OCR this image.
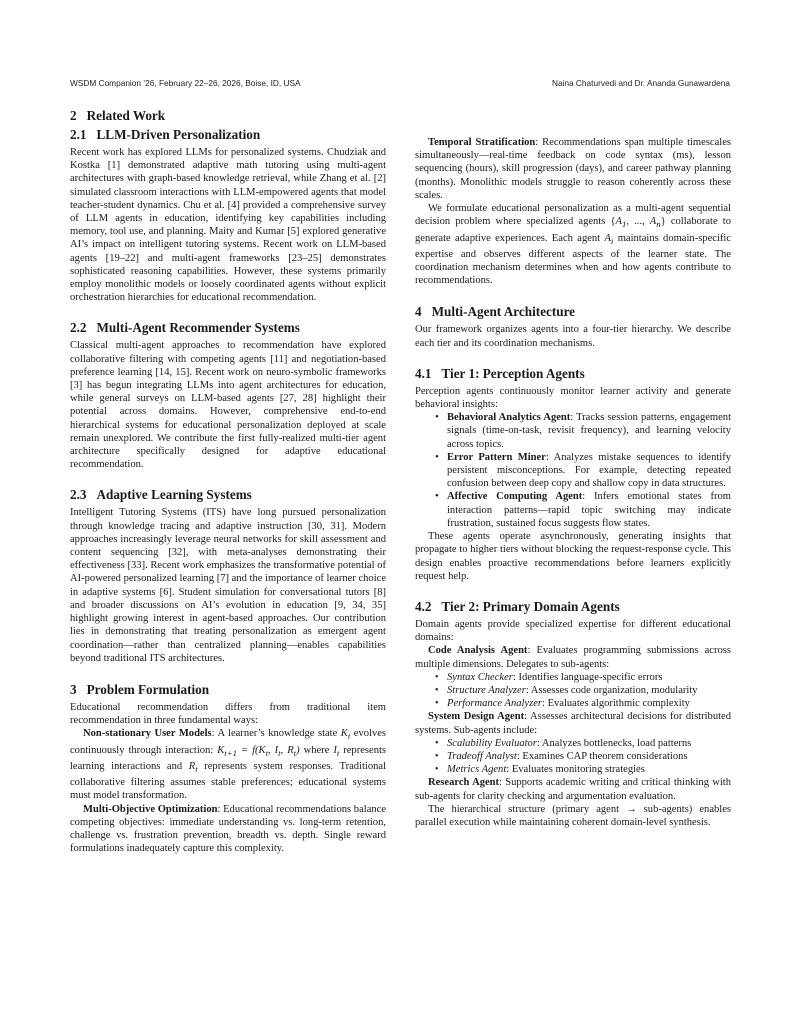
WSDM Companion ’26, February 22–26, 2026, Boise, ID, USA	Naina Chaturvedi and Dr. Ananda Gunawardena
2 Related Work
2.1 LLM-Driven Personalization

Recent work has explored LLMs for personalized systems. Chudziak and Kostka [1] demonstrated adaptive math tutoring using multi-agent architectures with graph-based knowledge retrieval, while Zhang et al. [2] simulated classroom interactions with LLM-empowered agents that model teacher-student dynamics. Chu et al. [4] provided a comprehensive survey of LLM agents in education, identifying key capabilities including memory, tool use, and planning. Maity and Kumar [5] explored generative AI’s impact on intelligent tutoring systems. Recent work on LLM-based agents [19–22] and multi-agent frameworks [23–25] demonstrates sophisticated reasoning capabilities. However, these systems primarily employ monolithic models or loosely coordinated agents without explicit orchestration hierarchies for educational recommendation.

2.2 Multi-Agent Recommender Systems

Classical multi-agent approaches to recommendation have explored collaborative filtering with competing agents [11] and negotiation-based preference learning [14, 15]. Recent work on neuro-symbolic frameworks [3] has begun integrating LLMs into agent architectures for education, while general surveys on LLM-based agents [27, 28] highlight their potential across domains. However, comprehensive end-to-end hierarchical systems for educational personalization deployed at scale remain unexplored. We contribute the first fully-realized multi-tier agent architecture specifically designed for adaptive educational recommendation.

2.3 Adaptive Learning Systems

Intelligent Tutoring Systems (ITS) have long pursued personalization through knowledge tracing and adaptive instruction [30, 31]. Modern approaches increasingly leverage neural networks for skill assessment and content sequencing [32], with meta-analyses demonstrating their effectiveness [33]. Recent work emphasizes the transformative potential of AI-powered personalized learning [7] and the importance of learner choice in adaptive systems [6]. Student simulation for conversational tutors [8] and broader discussions on AI’s evolution in education [9, 34, 35] highlight growing interest in agent-based approaches. Our contribution lies in demonstrating that treating personalization as emergent agent coordination—rather than centralized planning—enables capabilities beyond traditional ITS architectures.

3 Problem Formulation

Educational recommendation differs from traditional item recommendation in three fundamental ways:

Non-stationary User Models: A learner’s knowledge state $K_t$ evolves continuously through interaction: $K_{t+1} = f(K_t$, $I_t$, $R_t$) where $I_t$ represents learning interactions and $R_t$ represents system responses. Traditional collaborative filtering assumes stable preferences; educational systems must model transformation.

Multi-Objective Optimization: Educational recommendations balance competing objectives: immediate understanding vs. long-term retention, challenge vs. frustration prevention, breadth vs. depth. Single reward formulations inadequately capture this complexity.

Temporal Stratification: Recommendations span multiple timescales simultaneously—real-time feedback on code syntax (ms), lesson sequencing (hours), skill progression (days), and career pathway planning (months). Monolithic models struggle to reason coherently across these scales.

We formulate educational personalization as a multi-agent sequential decision problem where specialized agents {$A_1$, ..., $A_n$} collaborate to generate adaptive experiences. Each agent $A_i$ maintains domain-specific expertise and observes different aspects of the learner state. The coordination mechanism determines when and how agents contribute to recommendations.

4 Multi-Agent Architecture

Our framework organizes agents into a four-tier hierarchy. We describe each tier and its coordination mechanisms.

4.1 Tier 1: Perception Agents

Perception agents continuously monitor learner activity and generate behavioral insights:

• Behavioral Analytics Agent: Tracks session patterns, engagement signals (time-on-task, revisit frequency), and learning velocity across topics.
• Error Pattern Miner: Analyzes mistake sequences to identify persistent misconceptions. For example, detecting repeated confusion between deep copy and shallow copy in data structures.
• Affective Computing Agent: Infers emotional states from interaction patterns—rapid topic switching may indicate frustration, sustained focus suggests flow states.

These agents operate asynchronously, generating insights that propagate to higher tiers without blocking the request-response cycle. This design enables proactive recommendations before learners explicitly request help.

4.2 Tier 2: Primary Domain Agents

Domain agents provide specialized expertise for different educational domains:

Code Analysis Agent: Evaluates programming submissions across multiple dimensions. Delegates to sub-agents:

• Syntax Checker: Identifies language-specific errors
• Structure Analyzer: Assesses code organization, modularity
• Performance Analyzer: Evaluates algorithmic complexity

System Design Agent: Assesses architectural decisions for distributed systems. Sub-agents include:

• Scalability Evaluator: Analyzes bottlenecks, load patterns
• Tradeoff Analyst: Examines CAP theorem considerations
• Metrics Agent: Evaluates monitoring strategies

Research Agent: Supports academic writing and critical thinking with sub-agents for clarity checking and argumentation evaluation.

The hierarchical structure (primary agent → sub-agents) enables parallel execution while maintaining coherent domain-level synthesis.
